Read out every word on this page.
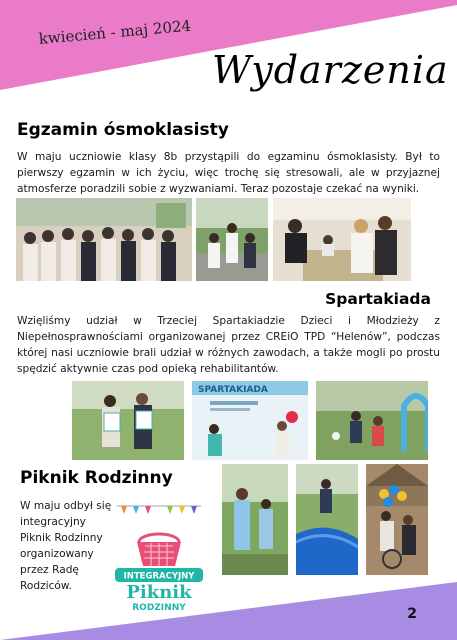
kwiecień - maj 2024
Wydarzenia
Egzamin ósmoklasisty

W maju uczniowie klasy 8b przystąpili do egzaminu ósmoklasisty. Był to pierwszy egzamin w ich życiu, więc trochę się stresowali, ale w przyjaznej atmosferze poradzili sobie z wyzwaniami. Teraz pozostaje czekać na wyniki.

Spartakiada

Wzięliśmy udział w Trzeciej Spartakiadzie Dzieci i Młodzieży z Niepełnosprawnościami organizowanej przez CREiO TPD “Helenów”, podczas której nasi uczniowie brali udział w różnych zawodach, a także mogli po prostu spędzić aktywnie czas pod opieką rehabilitantów.

SPARTAKIADA
Piknik Rodzinny

W maju odbył się integracyjny Piknik Rodzinny organizowany przez Radę Rodziców.

INTEGRACYJNY
Piknik
RODZINNY	2
